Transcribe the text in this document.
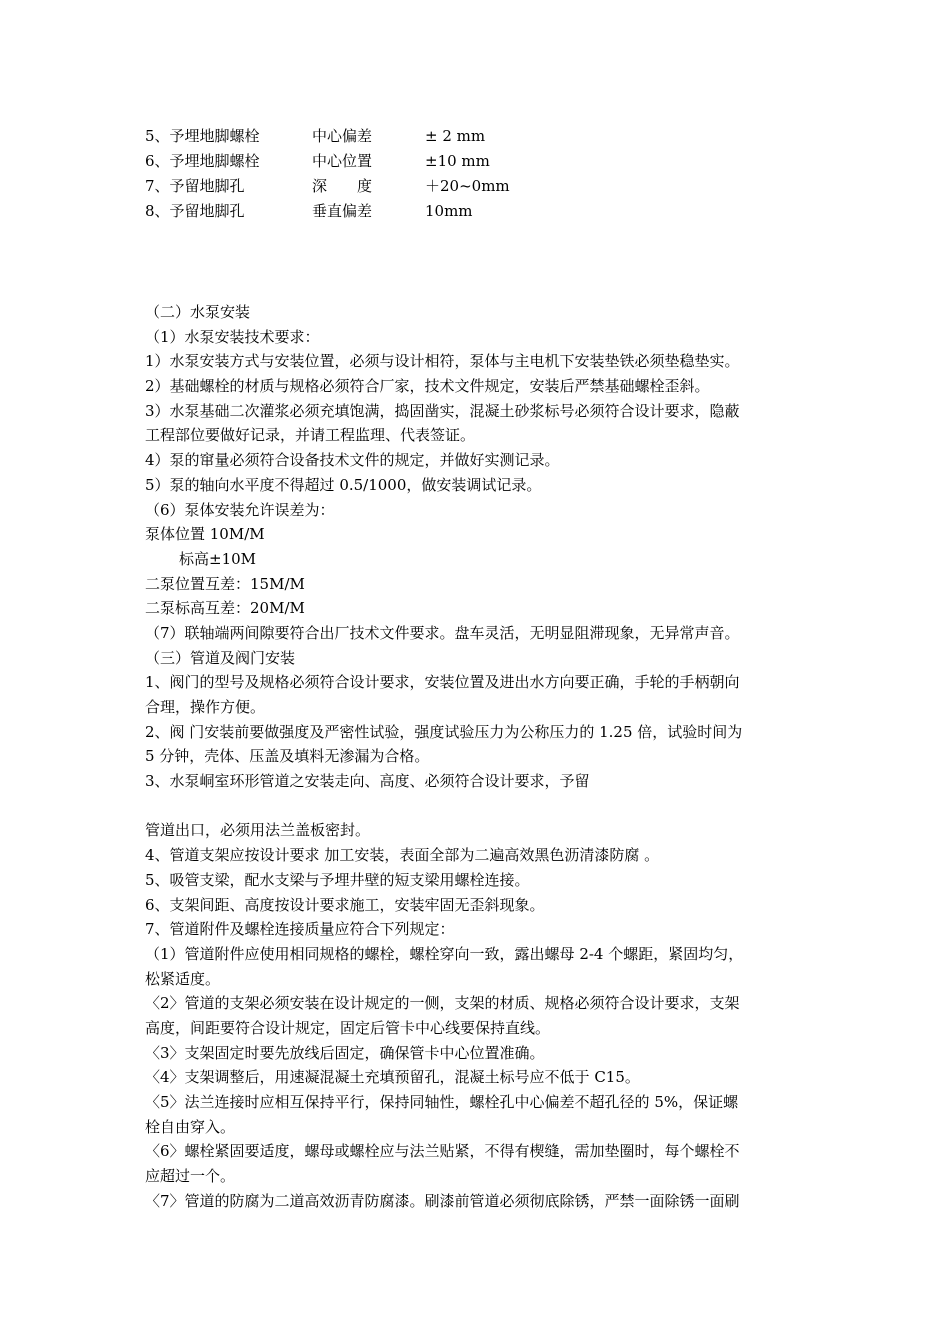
5、予埋地脚螺栓	中心偏差	± 2 mm
6、予埋地脚螺栓	中心位置	±10 mm
7、予留地脚孔	深　　度	＋20~0mm
8、予留地脚孔	垂直偏差	10mm
（二）水泵安装
（1）水泵安装技术要求：
1）水泵安装方式与安装位置，必须与设计相符，泵体与主电机下安装垫铁必须垫稳垫实。
2）基础螺栓的材质与规格必须符合厂家，技术文件规定，安装后严禁基础螺栓歪斜。
3）水泵基础二次灌浆必须充填饱满，捣固凿实，混凝土砂浆标号必须符合设计要求，隐蔽
工程部位要做好记录，并请工程监理、代表签证。
4）泵的窜量必须符合设备技术文件的规定，并做好实测记录。
5）泵的轴向水平度不得超过 0.5/1000，做安装调试记录。
（6）泵体安装允许误差为：
泵体位置 10M/M
标高±10M
二泵位置互差：15M/M
二泵标高互差：20M/M
（7）联轴端两间隙要符合出厂技术文件要求。盘车灵活，无明显阻滞现象，无异常声音。
（三）管道及阀门安装
1、阀门的型号及规格必须符合设计要求，安装位置及进出水方向要正确，手轮的手柄朝向
合理，操作方便。
2、阀 门安装前要做强度及严密性试验，强度试验压力为公称压力的 1.25 倍，试验时间为
5 分钟，壳体、压盖及填料无渗漏为合格。
3、水泵峒室环形管道之安装走向、高度、必须符合设计要求，予留
管道出口，必须用法兰盖板密封。
4、管道支架应按设计要求 加工安装，表面全部为二遍高效黑色沥清漆防腐 。
5、吸管支梁，配水支梁与予埋井壁的短支梁用螺栓连接。
6、支架间距、高度按设计要求施工，安装牢固无歪斜现象。
7、管道附件及螺栓连接质量应符合下列规定：
（1）管道附件应使用相同规格的螺栓，螺栓穿向一致，露出螺母 2-4 个螺距，紧固均匀，
松紧适度。
〈2〉管道的支架必须安装在设计规定的一侧，支架的材质、规格必须符合设计要求，支架
高度，间距要符合设计规定，固定后管卡中心线要保持直线。
〈3〉支架固定时要先放线后固定，确保管卡中心位置准确。
〈4〉支架调整后，用速凝混凝土充填预留孔，混凝土标号应不低于 C15。
〈5〉法兰连接时应相互保持平行，保持同轴性，螺栓孔中心偏差不超孔径的 5%，保证螺
栓自由穿入。
〈6〉螺栓紧固要适度，螺母或螺栓应与法兰贴紧，不得有楔缝，需加垫圈时，每个螺栓不
应超过一个。
〈7〉管道的防腐为二道高效沥青防腐漆。刷漆前管道必须彻底除锈，严禁一面除锈一面刷
